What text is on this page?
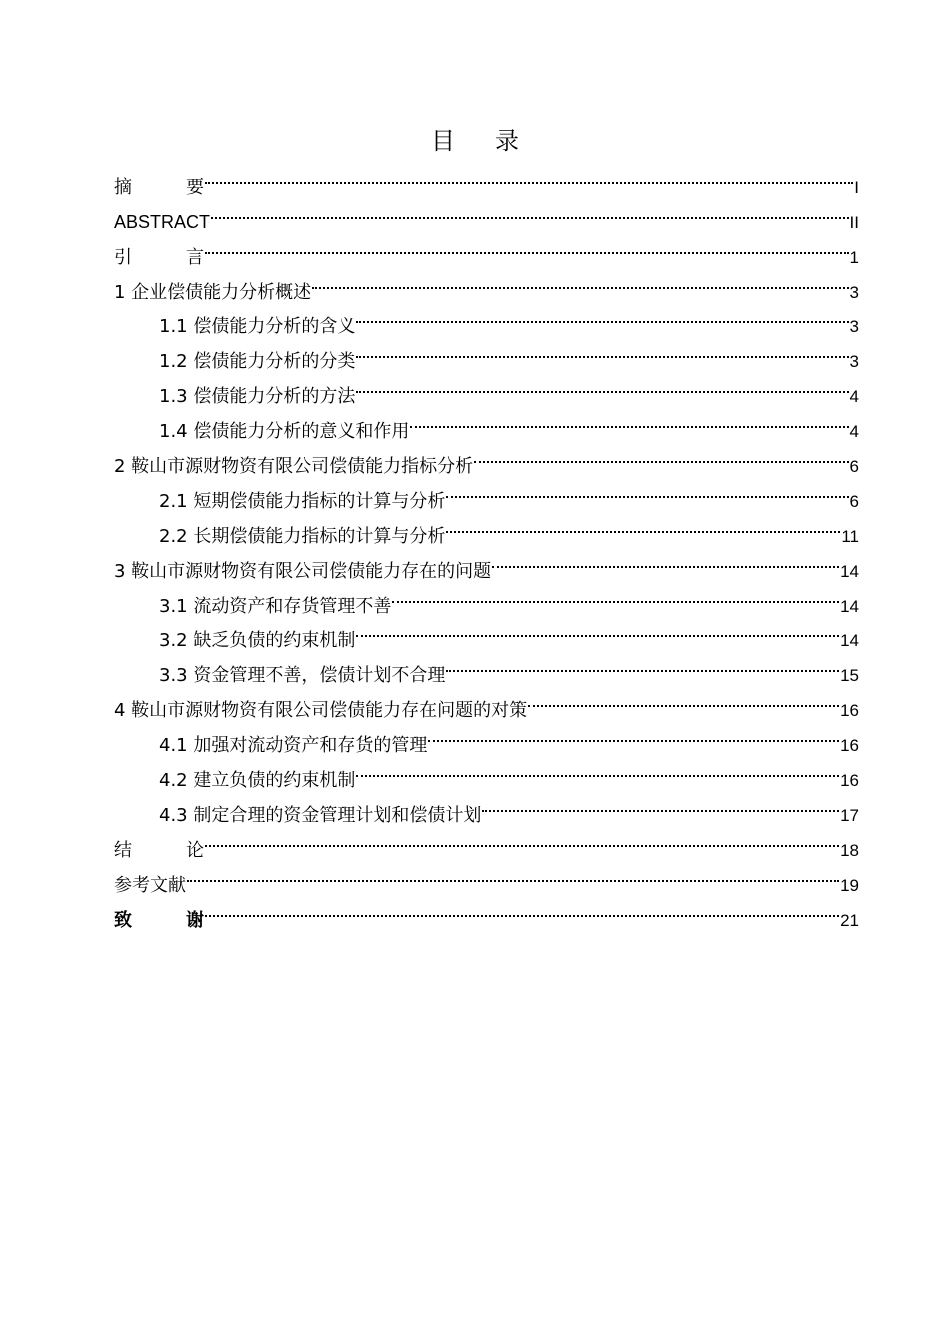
目 录
摘	要	I
ABSTRACT	II
引	言	1
1 企业偿债能力分析概述	3
1.1 偿债能力分析的含义	3
1.2 偿债能力分析的分类	3
1.3 偿债能力分析的方法	4
1.4 偿债能力分析的意义和作用	4
2 鞍山市源财物资有限公司偿债能力指标分析	6
2.1 短期偿债能力指标的计算与分析	6
2.2 长期偿债能力指标的计算与分析	11
3 鞍山市源财物资有限公司偿债能力存在的问题	14
3.1 流动资产和存货管理不善	14
3.2 缺乏负债的约束机制	14
3.3 资金管理不善，偿债计划不合理	15
4 鞍山市源财物资有限公司偿债能力存在问题的对策	16
4.1 加强对流动资产和存货的管理	16
4.2 建立负债的约束机制	16
4.3 制定合理的资金管理计划和偿债计划	17
结	论	18
参考文献	19
致	谢	21
